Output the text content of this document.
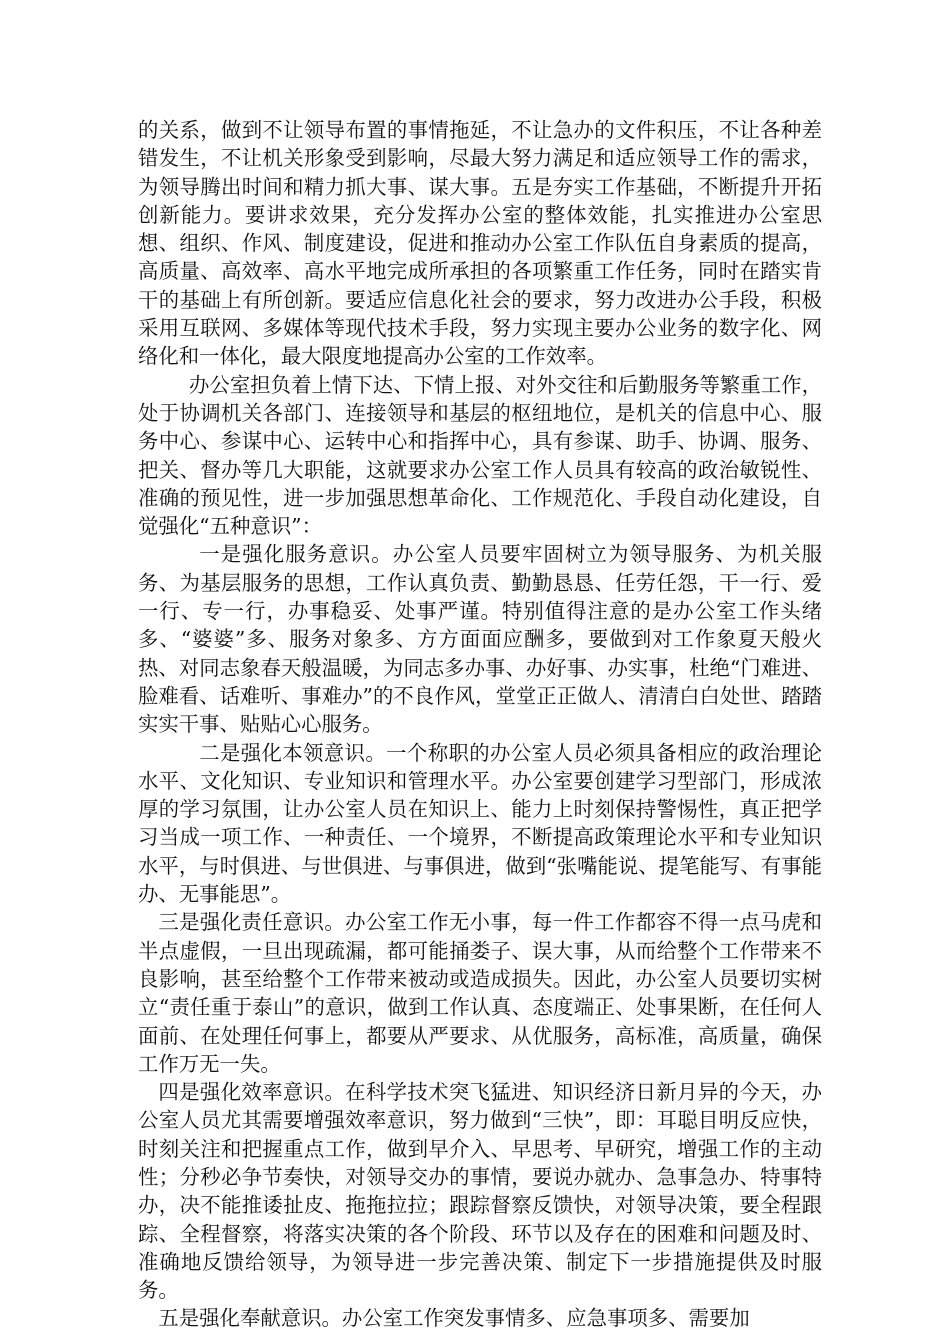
的关系，做到不让领导布置的事情拖延，不让急办的文件积压，不让各种差错发生，不让机关形象受到影响，尽最大努力满足和适应领导工作的需求，为领导腾出时间和精力抓大事、谋大事。五是夯实工作基础，不断提升开拓创新能力。要讲求效果，充分发挥办公室的整体效能，扎实推进办公室思想、组织、作风、制度建设，促进和推动办公室工作队伍自身素质的提高，高质量、高效率、高水平地完成所承担的各项繁重工作任务，同时在踏实肯干的基础上有所创新。要适应信息化社会的要求，努力改进办公手段，积极采用互联网、多媒体等现代技术手段，努力实现主要办公业务的数字化、网络化和一体化，最大限度地提高办公室的工作效率。

办公室担负着上情下达、下情上报、对外交往和后勤服务等繁重工作，处于协调机关各部门、连接领导和基层的枢纽地位，是机关的信息中心、服务中心、参谋中心、运转中心和指挥中心，具有参谋、助手、协调、服务、把关、督办等几大职能，这就要求办公室工作人员具有较高的政治敏锐性、准确的预见性，进一步加强思想革命化、工作规范化、手段自动化建设，自觉强化“五种意识”：

一是强化服务意识。办公室人员要牢固树立为领导服务、为机关服务、为基层服务的思想，工作认真负责、勤勤恳恳、任劳任怨，干一行、爱一行、专一行，办事稳妥、处事严谨。特别值得注意的是办公室工作头绪多、“婆婆”多、服务对象多、方方面面应酬多，要做到对工作象夏天般火热、对同志象春天般温暖，为同志多办事、办好事、办实事，杜绝“门难进、脸难看、话难听、事难办”的不良作风，堂堂正正做人、清清白白处世、踏踏实实干事、贴贴心心服务。

二是强化本领意识。一个称职的办公室人员必须具备相应的政治理论水平、文化知识、专业知识和管理水平。办公室要创建学习型部门，形成浓厚的学习氛围，让办公室人员在知识上、能力上时刻保持警惕性，真正把学习当成一项工作、一种责任、一个境界，不断提高政策理论水平和专业知识水平，与时俱进、与世俱进、与事俱进，做到“张嘴能说、提笔能写、有事能办、无事能思”。

三是强化责任意识。办公室工作无小事，每一件工作都容不得一点马虎和半点虚假，一旦出现疏漏，都可能捅娄子、误大事，从而给整个工作带来不良影响，甚至给整个工作带来被动或造成损失。因此，办公室人员要切实树立“责任重于泰山”的意识，做到工作认真、态度端正、处事果断，在任何人面前、在处理任何事上，都要从严要求、从优服务，高标准，高质量，确保工作万无一失。

四是强化效率意识。在科学技术突飞猛进、知识经济日新月异的今天，办公室人员尤其需要增强效率意识，努力做到“三快”，即：耳聪目明反应快，时刻关注和把握重点工作，做到早介入、早思考、早研究，增强工作的主动性；分秒必争节奏快，对领导交办的事情，要说办就办、急事急办、特事特办，决不能推诿扯皮、拖拖拉拉；跟踪督察反馈快，对领导决策，要全程跟踪、全程督察，将落实决策的各个阶段、环节以及存在的困难和问题及时、准确地反馈给领导，为领导进一步完善决策、制定下一步措施提供及时服务。

五是强化奉献意识。办公室工作突发事情多、应急事项多、需要加
